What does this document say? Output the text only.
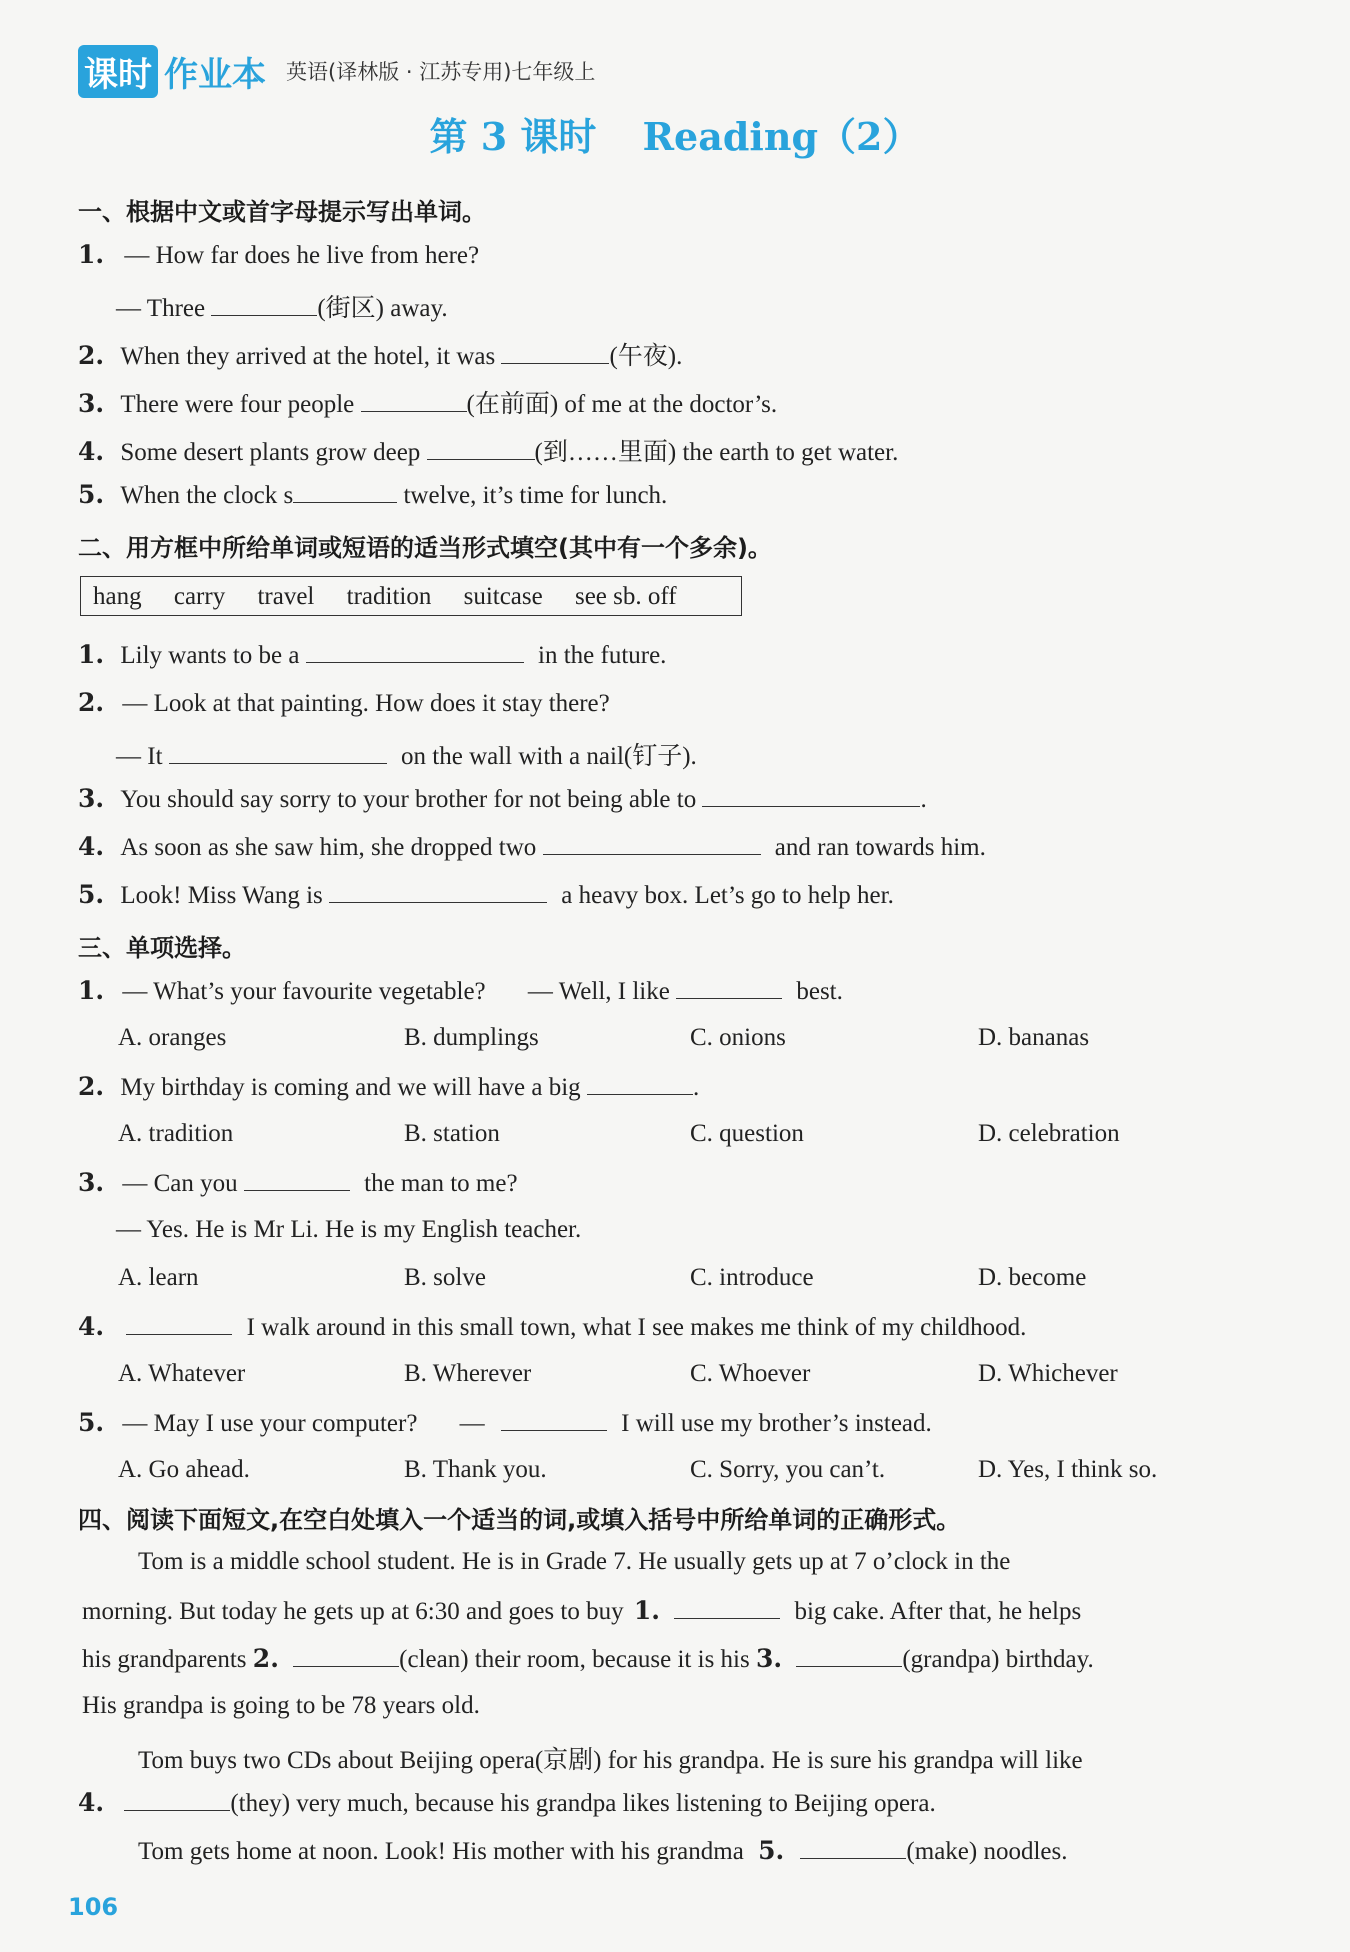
课时 作业本 英语(译林版 · 江苏专用)七年级上
第 3 课时 Reading（2）
一、根据中文或首字母提示写出单词。
1. — How far does he live from here?
— Three	(街区) away.
2. When they arrived at the hotel, it was	(午夜).
3. There were four people	(在前面) of me at the doctor’s.
4. Some desert plants grow deep	(到……里面) the earth to get water.
5. When the clock s	twelve, it’s time for lunch.
二、用方框中所给单词或短语的适当形式填空(其中有一个多余)。
hang carry travel tradition suitcase see sb. off
1. Lily wants to be a	in the future.
2. — Look at that painting. How does it stay there?
— It	on the wall with a nail(钉子).
3. You should say sorry to your brother for not being able to	.
4. As soon as she saw him, she dropped two	and ran towards him.
5. Look! Miss Wang is	a heavy box. Let’s go to help her.
三、单项选择。
1. — What’s your favourite vegetable? — Well, I like	best.
A. oranges	B. dumplings	C. onions	D. bananas
2. My birthday is coming and we will have a big	.
A. tradition	B. station	C. question	D. celebration
3. — Can you	the man to me?
— Yes. He is Mr Li. He is my English teacher.
A. learn	B. solve	C. introduce	D. become
4.	I walk around in this small town, what I see makes me think of my childhood.
A. Whatever	B. Wherever	C. Whoever	D. Whichever
5. — May I use your computer? —	I will use my brother’s instead.
A. Go ahead.	B. Thank you.	C. Sorry, you can’t.	D. Yes, I think so.
四、阅读下面短文,在空白处填入一个适当的词,或填入括号中所给单词的正确形式。
Tom is a middle school student. He is in Grade 7. He usually gets up at 7 o’clock in the
morning. But today he gets up at 6:30 and goes to buy 1.	big cake. After that, he helps
his grandparents 2.	(clean) their room, because it is his 3.	(grandpa) birthday.
His grandpa is going to be 78 years old.
Tom buys two CDs about Beijing opera(京剧) for his grandpa. He is sure his grandpa will like
4.	(they) very much, because his grandpa likes listening to Beijing opera.
Tom gets home at noon. Look! His mother with his grandma 5.	(make) noodles.
106
